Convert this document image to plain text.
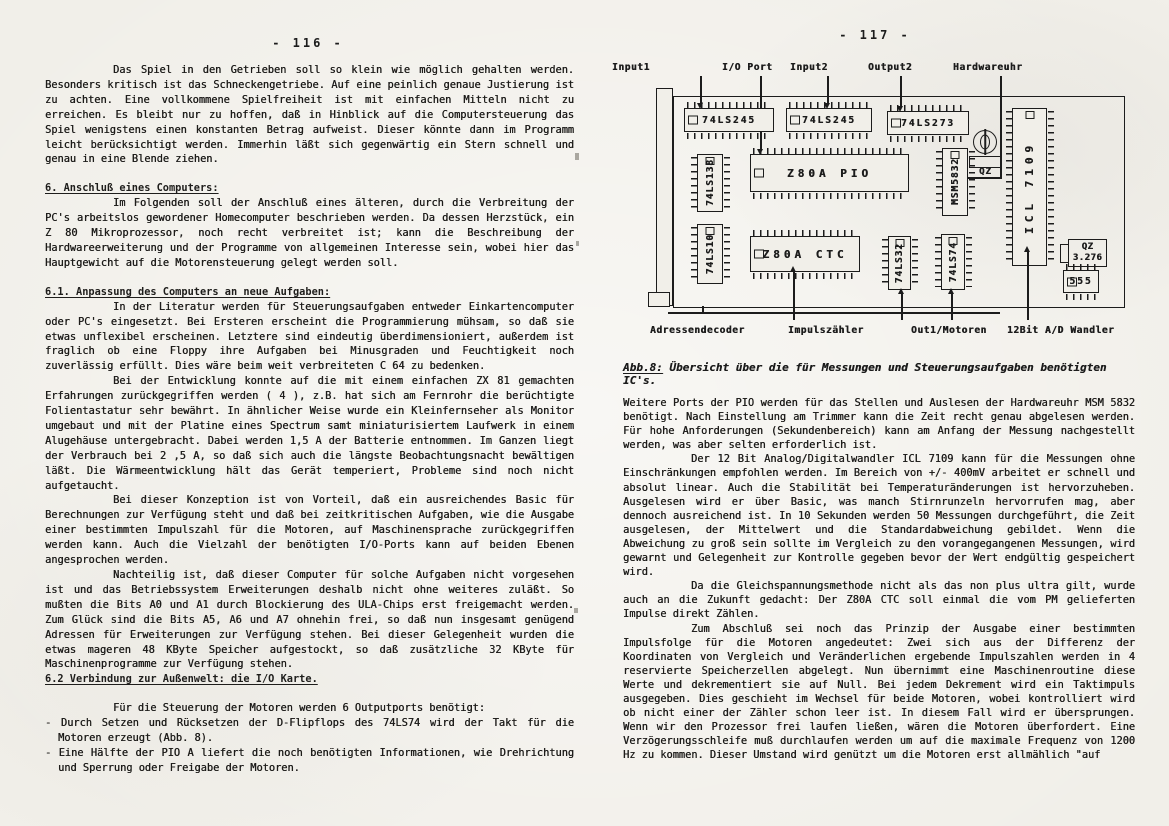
- 116 -

Das Spiel in den Getrieben soll so klein wie möglich gehalten werden. Besonders kritisch ist das Schneckengetriebe. Auf eine peinlich genaue Justierung ist zu achten. Eine vollkommene Spielfreiheit ist mit einfachen Mitteln nicht zu erreichen. Es bleibt nur zu hoffen, daß in Hinblick auf die Computersteuerung das Spiel wenigstens einen konstanten Betrag aufweist. Dieser könnte dann im Programm leicht berücksichtigt werden. Immerhin läßt sich gegenwärtig ein Stern schnell und genau in eine Blende ziehen.

6. Anschluß eines Computers:

Im Folgenden soll der Anschluß eines älteren, durch die Verbreitung der PC's arbeitslos gewordener Homecomputer beschrieben werden. Da dessen Herzstück, ein Z 80 Mikroprozessor, noch recht verbreitet ist; kann die Beschreibung der Hardwareerweiterung und der Programme von allgemeinen Interesse sein, wobei hier das Hauptgewicht auf die Motorensteuerung gelegt werden soll.

6.1. Anpassung des Computers an neue Aufgaben:

In der Literatur werden für Steuerungsaufgaben entweder Einkartencomputer oder PC's eingesetzt. Bei Ersteren erscheint die Programmierung mühsam, so daß sie etwas unflexibel erscheinen. Letztere sind eindeutig überdimensioniert, außerdem ist fraglich ob eine Floppy ihre Aufgaben bei Minusgraden und Feuchtigkeit noch zuverlässig erfüllt. Dies wäre beim weit verbreiteten C 64 zu bedenken.

Bei der Entwicklung konnte auf die mit einem einfachen ZX 81 gemachten Erfahrungen zurückgegriffen werden ( 4 ), z.B. hat sich am Fernrohr die berüchtigte Folientastatur sehr bewährt. In ähnlicher Weise wurde ein Kleinfernseher als Monitor umgebaut und mit der Platine eines Spectrum samt miniaturisiertem Laufwerk in einem Alugehäuse untergebracht. Dabei werden 1,5 A der Batterie entnommen. Im Ganzen liegt der Verbrauch bei 2 ,5 A, so daß sich auch die längste Beobachtungsnacht bewältigen läßt. Die Wärmeentwicklung hält das Gerät temperiert, Probleme sind noch nicht aufgetaucht.

Bei dieser Konzeption ist von Vorteil, daß ein ausreichendes Basic für Berechnungen zur Verfügung steht und daß bei zeitkritischen Aufgaben, wie die Ausgabe einer bestimmten Impulszahl für die Motoren, auf Maschinensprache zurückgegriffen werden kann. Auch die Vielzahl der benötigten I/O-Ports kann auf beiden Ebenen angesprochen werden.

Nachteilig ist, daß dieser Computer für solche Aufgaben nicht vorgesehen ist und das Betriebssystem Erweiterungen deshalb nicht ohne weiteres zuläßt. So mußten die Bits A0 und A1 durch Blockierung des ULA-Chips erst freigemacht werden. Zum Glück sind die Bits A5, A6 und A7 ohnehin frei, so daß nun insgesamt genügend Adressen für Erweiterungen zur Verfügung stehen. Bei dieser Gelegenheit wurden die etwas mageren 48 KByte Speicher aufgestockt, so daß zusätzliche 32 KByte für Maschinenprogramme zur Verfügung stehen.

6.2 Verbindung zur Außenwelt: die I/O Karte.

Für die Steuerung der Motoren werden 6 Outputports benötigt:

- Durch Setzen und Rücksetzen der D-Flipflops des 74LS74 wird der Takt für die Motoren erzeugt (Abb. 8).

- Eine Hälfte der PIO A liefert die noch benötigten Informationen, wie Drehrichtung und Sperrung oder Freigabe der Motoren.

- 117 -
Input1	I/O Port Input2	Output2	Hardwareuhr
74LS245	74LS245	74LS273
Z80A PIO
Z80A CTC
74LS138
74LS10
MSM5832
74LS32	74LS74
ICL 7109
QZ
QZ
3.276
555
Adressendecoder	Impulszähler	Out1/Motoren 12Bit A/D Wandler
Abb.8: Übersicht über die für Messungen und Steuerungsaufgaben benötigten IC's.

Weitere Ports der PIO werden für das Stellen und Auslesen der Hardwareuhr MSM 5832 benötigt. Nach Einstellung am Trimmer kann die Zeit recht genau abgelesen werden. Für hohe Anforderungen (Sekundenbereich) kann am Anfang der Messung nachgestellt werden, was aber selten erforderlich ist.

Der 12 Bit Analog/Digitalwandler ICL 7109 kann für die Messungen ohne Einschränkungen empfohlen werden. Im Bereich von +/- 400mV arbeitet er schnell und absolut linear. Auch die Stabilität bei Temperaturänderungen ist hervorzuheben. Ausgelesen wird er über Basic, was manch Stirnrunzeln hervorrufen mag, aber dennoch ausreichend ist. In 10 Sekunden werden 50 Messungen durchgeführt, die Zeit ausgelesen, der Mittelwert und die Standardabweichung gebildet. Wenn die Abweichung zu groß sein sollte im Vergleich zu den vorangegangenen Messungen, wird gewarnt und Gelegenheit zur Kontrolle gegeben bevor der Wert endgültig gespeichert wird.

Da die Gleichspannungsmethode nicht als das non plus ultra gilt, wurde auch an die Zukunft gedacht: Der Z80A CTC soll einmal die vom PM gelieferten Impulse direkt Zählen.

Zum Abschluß sei noch das Prinzip der Ausgabe einer bestimmten Impulsfolge für die Motoren angedeutet: Zwei sich aus der Differenz der Koordinaten von Vergleich und Veränderlichen ergebende Impulszahlen werden in 4 reservierte Speicherzellen abgelegt. Nun übernimmt eine Maschinenroutine diese Werte und dekrementiert sie auf Null. Bei jedem Dekrement wird ein Taktimpuls ausgegeben. Dies geschieht im Wechsel für beide Motoren, wobei kontrolliert wird ob nicht einer der Zähler schon leer ist. In diesem Fall wird er übersprungen. Wenn wir den Prozessor frei laufen ließen, wären die Motoren überfordert. Eine Verzögerungsschleife muß durchlaufen werden um auf die maximale Frequenz von 1200 Hz zu kommen. Dieser Umstand wird genützt um die Motoren erst allmählich "auf
